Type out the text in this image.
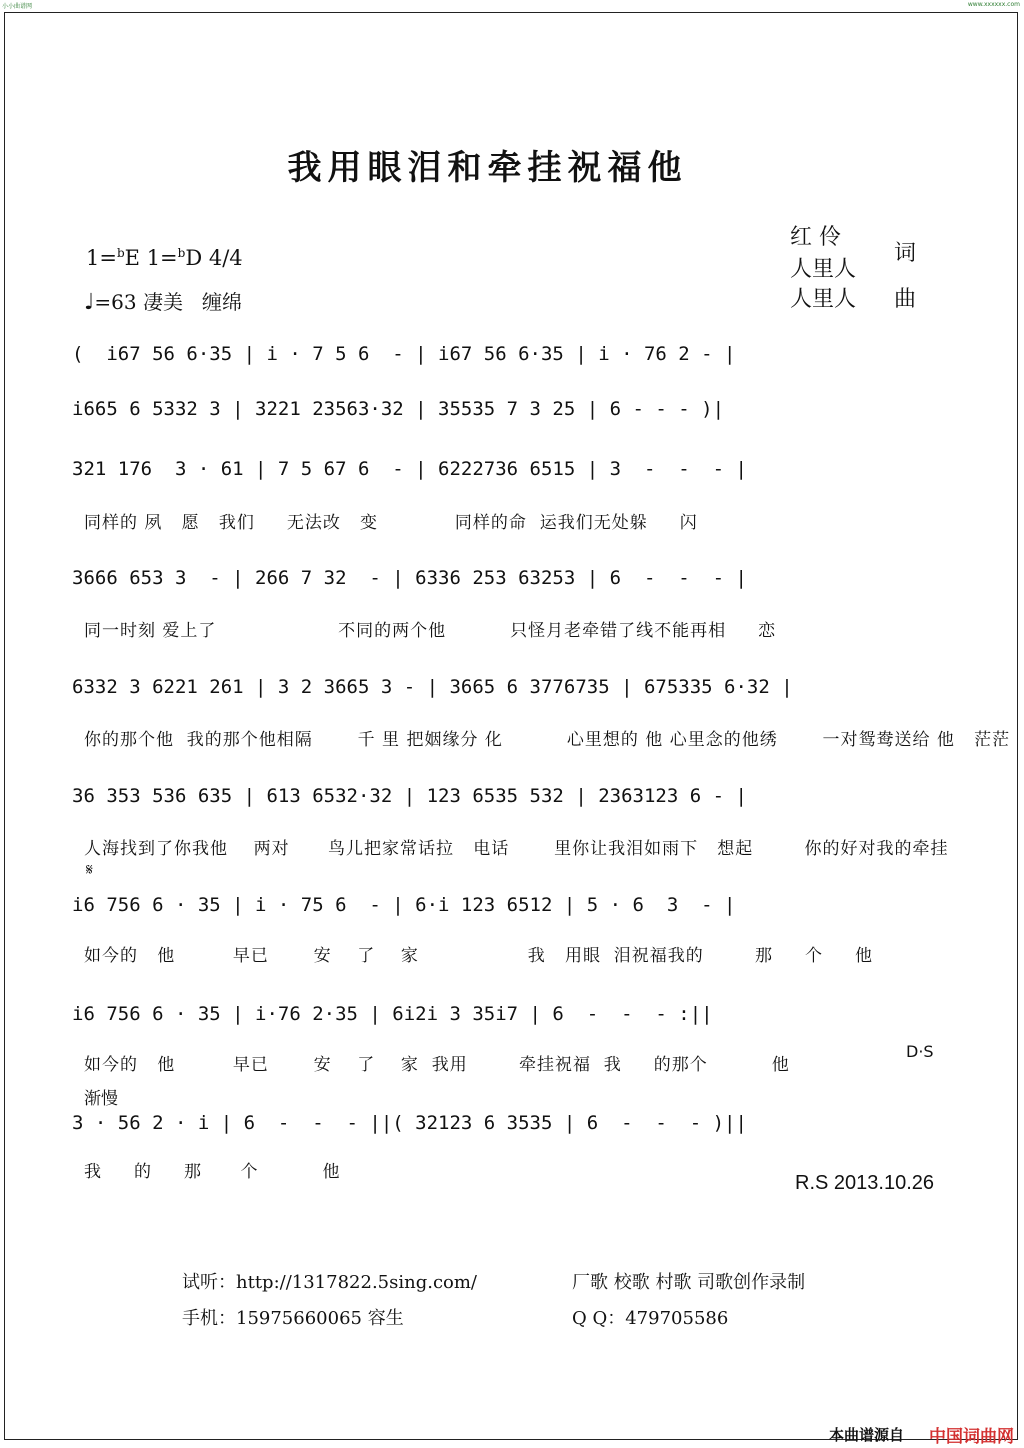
小小曲谱网	www.xxxxxx.com
我用眼泪和牵挂祝福他
1=$^b$E 1=$^b$D 4/4
♩=63 凄美 缠绵
红 伶
词
人里人
人里人 曲
(  i67 56 6·35 | i · 7 5 6  - | i67 56 6·35 | i · 76 2 - |
i665 6 5332 3 | 3221 23563·32 | 35535 7 3 25 | 6 - - - )|
321 176  3 · 61 | 7 5 67 6  - | 6222736 6515 | 3  -  -  - |
同样的 夙   愿   我们     无法改   变            同样的命  运我们无处躲     闪
3666 653 3  - | 266 7 32  - | 6336 253 63253 | 6  -  -  - |
同一时刻 爱上了                   不同的两个他          只怪月老牵错了线不能再相     恋
6332 3 6221 261 | 3 2 3665 3 - | 3665 6 3776735 | 675335 6·32 |
你的那个他  我的那个他相隔       千 里 把姻缘分 化          心里想的 他 心里念的他绣       一对鸳鸯送给 他   茫茫
36 353 536 635 | 613 6532·32 | 123 6535 532 | 2363123 6 - |
人海找到了你我他    两对      鸟儿把家常话拉   电话       里你让我泪如雨下   想起        你的好对我的牵挂
𝄋
i6 756 6 · 35 | i · 75 6  - | 6·i 123 6512 | 5 · 6  3  - |
如今的   他         早已       安    了    家                 我   用眼  泪祝福我的        那     个     他
i6 756 6 · 35 | i·76 2·35 | 6i2i 3 35i7 | 6  -  -  - :||
如今的   他         早已       安    了    家  我用        牵挂祝福  我     的那个          他
D·S
渐慢
3 · 56 2 · i | 6  -  -  - ||( 32123 6 3535 | 6  -  -  - )||
我     的     那      个          他	R.S 2013.10.26
试听：http://1317822.5sing.com/
手机：15975660065 容生
厂歌 校歌 村歌 司歌创作录制
Q Q：479705586
本曲谱源自 中国词曲网
